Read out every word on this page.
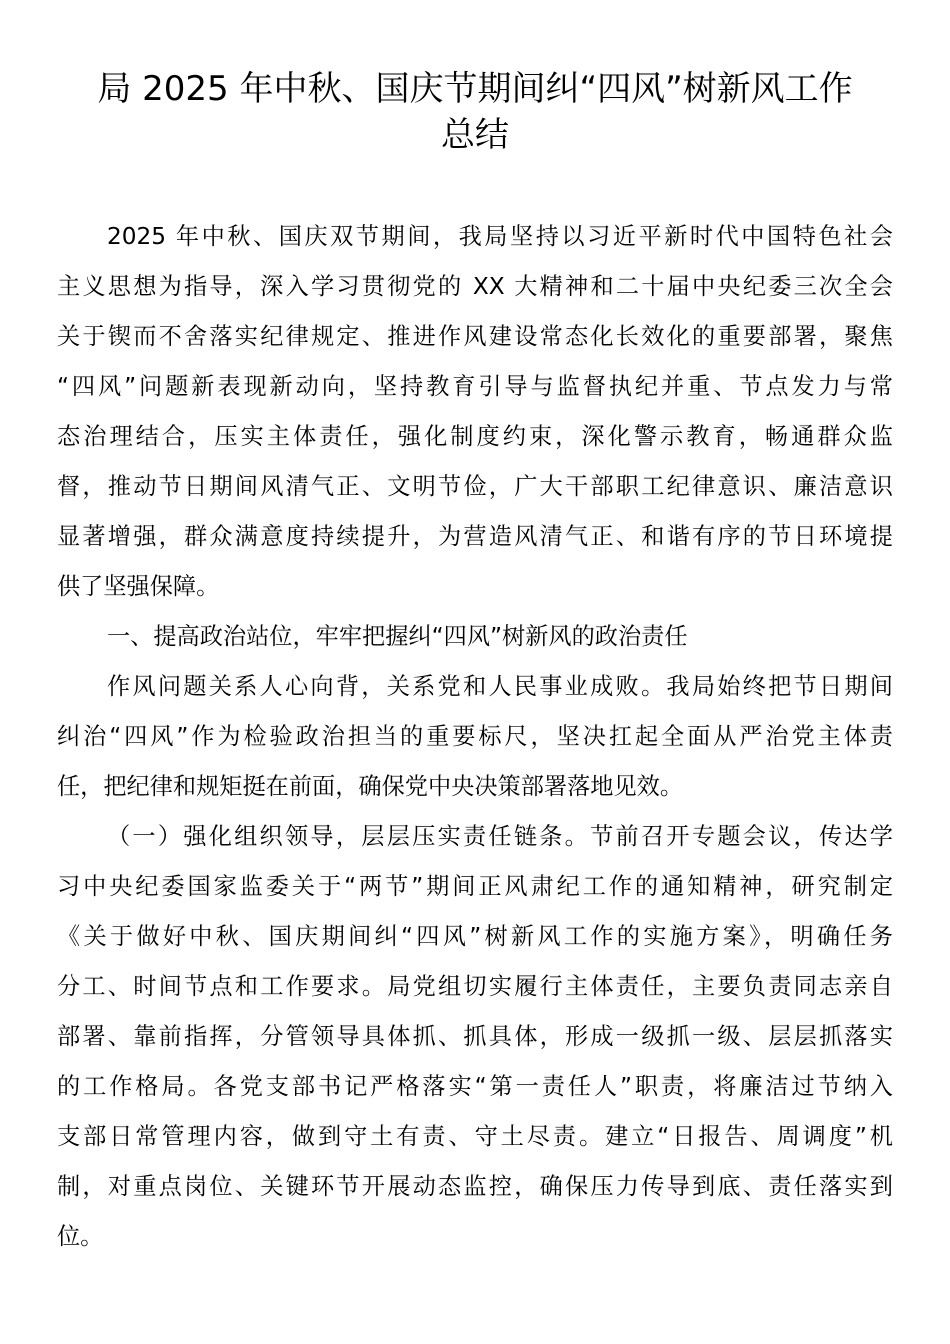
局 2025 年中秋、国庆节期间纠“四风”树新风工作
总结
2025 年中秋、国庆双节期间，我局坚持以习近平新时代中国特色社会
主义思想为指导，深入学习贯彻党的 XX 大精神和二十届中央纪委三次全会
关于锲而不舍落实纪律规定、推进作风建设常态化长效化的重要部署，聚焦
“四风”问题新表现新动向，坚持教育引导与监督执纪并重、节点发力与常
态治理结合，压实主体责任，强化制度约束，深化警示教育，畅通群众监
督，推动节日期间风清气正、文明节俭，广大干部职工纪律意识、廉洁意识
显著增强，群众满意度持续提升，为营造风清气正、和谐有序的节日环境提
供了坚强保障。
一、提高政治站位，牢牢把握纠“四风”树新风的政治责任
作风问题关系人心向背，关系党和人民事业成败。我局始终把节日期间
纠治“四风”作为检验政治担当的重要标尺，坚决扛起全面从严治党主体责
任，把纪律和规矩挺在前面，确保党中央决策部署落地见效。
（一）强化组织领导，层层压实责任链条。节前召开专题会议，传达学
习中央纪委国家监委关于“两节”期间正风肃纪工作的通知精神，研究制定
《关于做好中秋、国庆期间纠“四风”树新风工作的实施方案》，明确任务
分工、时间节点和工作要求。局党组切实履行主体责任，主要负责同志亲自
部署、靠前指挥，分管领导具体抓、抓具体，形成一级抓一级、层层抓落实
的工作格局。各党支部书记严格落实“第一责任人”职责，将廉洁过节纳入
支部日常管理内容，做到守土有责、守土尽责。建立“日报告、周调度”机
制，对重点岗位、关键环节开展动态监控，确保压力传导到底、责任落实到
位。
